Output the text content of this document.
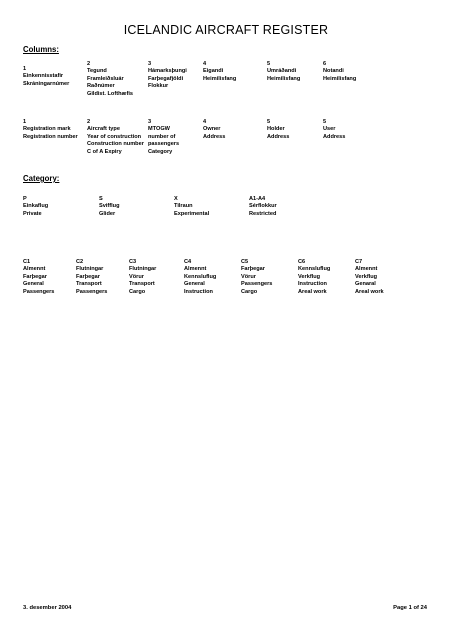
ICELANDIC AIRCRAFT REGISTER
Columns:
1
Einkennisstafir
Skráningarnúmer
2
Tegund
Framleiðsluár
Raðnúmer
Gildist. Lofthæfis
3
Hámarksþungi
Farþegafjöldi
Flokkur
4
Eigandi
Heimilisfang
5
Umráðandi
Heimilisfang
6
Notandi
Heimilisfang
1
Registration mark
Registration number
2
Aircraft type
Year of construction
Construction number
C of A Expiry
3
MTOGW
number of
passengers
Category
4
Owner
Address
5
Holder
Address
5
User
Address
Category:
P
Einkaflug
Private
S
Svifflug
Glider
X
Tilraun
Experimental
A1-A4
Sérflokkur
Restricted
C1
Almennt
Farþegar
General
Passengers
C2
Flutningar
Farþegar
Transport
Passengers
C3
Flutningar
Vörur
Transport
Cargo
C4
Almennt
Kennsluflug
General
Instruction
C5
Farþegar
Vörur
Passengers
Cargo
C6
Kennsluflug
Verkflug
Instruction
Areal work
C7
Almennt
Verkflug
Genaral
Areal work
3. desember 2004	Page 1 of 24
